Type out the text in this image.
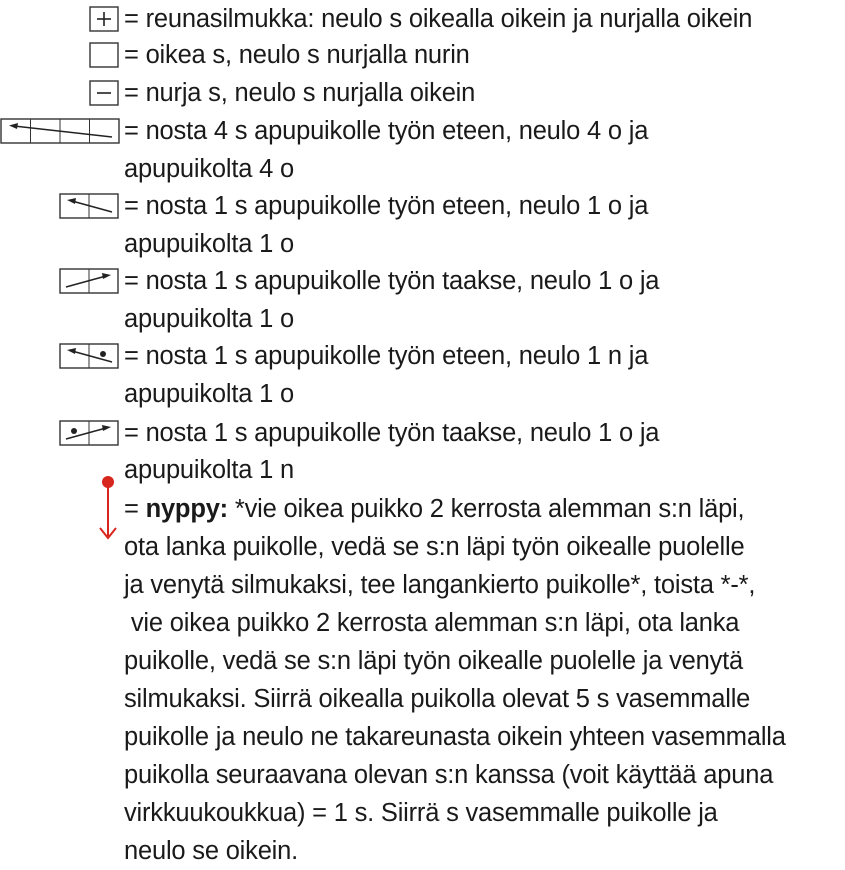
= reunasilmukka: neulo s oikealla oikein ja nurjalla oikein
= oikea s, neulo s nurjalla nurin
= nurja s, neulo s nurjalla oikein
= nosta 4 s apupuikolle työn eteen, neulo 4 o ja
apupuikolta 4 o
= nosta 1 s apupuikolle työn eteen, neulo 1 o ja
apupuikolta 1 o
= nosta 1 s apupuikolle työn taakse, neulo 1 o ja
apupuikolta 1 o
= nosta 1 s apupuikolle työn eteen, neulo 1 n ja
apupuikolta 1 o
= nosta 1 s apupuikolle työn taakse, neulo 1 o ja
apupuikolta 1 n
= nyppy: *vie oikea puikko 2 kerrosta alemman s:n läpi,
ota lanka puikolle, vedä se s:n läpi työn oikealle puolelle
ja venytä silmukaksi, tee langankierto puikolle*, toista *-*,
vie oikea puikko 2 kerrosta alemman s:n läpi, ota lanka
puikolle, vedä se s:n läpi työn oikealle puolelle ja venytä
silmukaksi. Siirrä oikealla puikolla olevat 5 s vasemmalle
puikolle ja neulo ne takareunasta oikein yhteen vasemmalla
puikolla seuraavana olevan s:n kanssa (voit käyttää apuna
virkkuukoukkua) = 1 s. Siirrä s vasemmalle puikolle ja
neulo se oikein.
